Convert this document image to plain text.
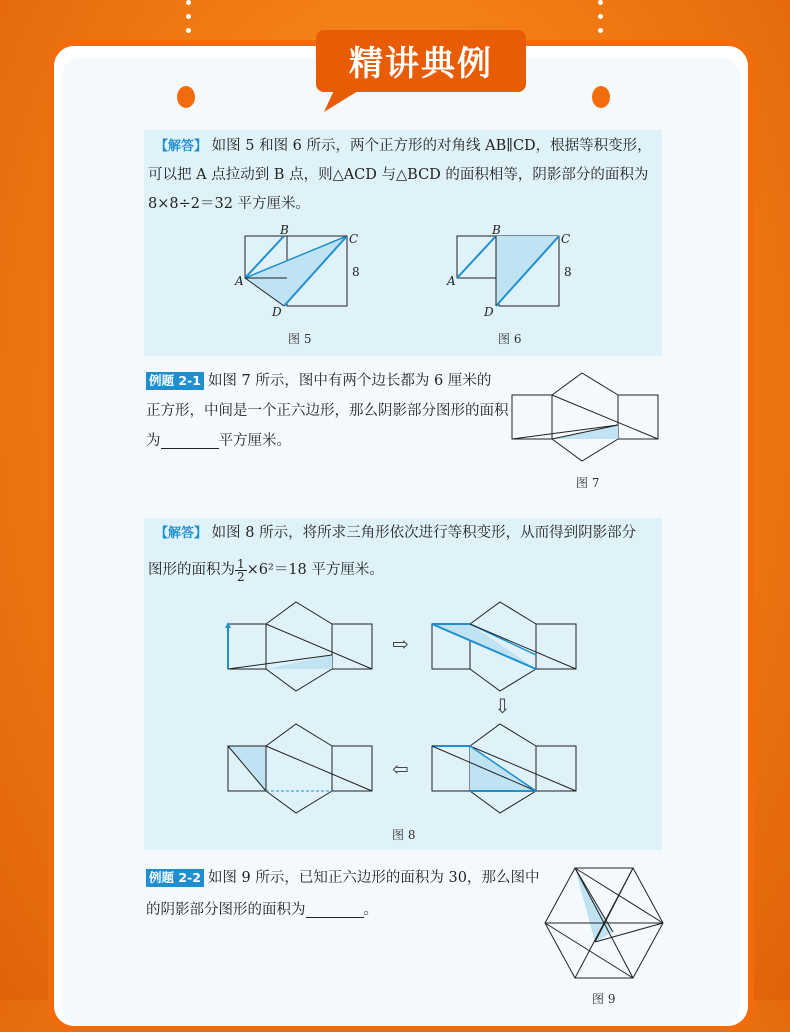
精讲典例
【解答】 如图 5 和图 6 所示，两个正方形的对角线 AB∥CD，根据等积变形，
可以把 A 点拉动到 B 点，则△ACD 与△BCD 的面积相等，阴影部分的面积为
8×8÷2＝32 平方厘米。
A
B
C
D
8
图 5
A
B
C
D
8
图 6
例题 2-1 如图 7 所示，图中有两个边长都为 6 厘米的
正方形，中间是一个正六边形，那么阴影部分图形的面积
为	平方厘米。
图 7
【解答】 如图 8 所示，将所求三角形依次进行等积变形，从而得到阴影部分
图形的面积为 $\frac{1}{2} \times 6^2=18$ 平方厘米。
⇨
⇩
⇦
图 8
例题 2-2 如图 9 所示，已知正六边形的面积为 30，那么图中
的阴影部分图形的面积为	。
图 9
